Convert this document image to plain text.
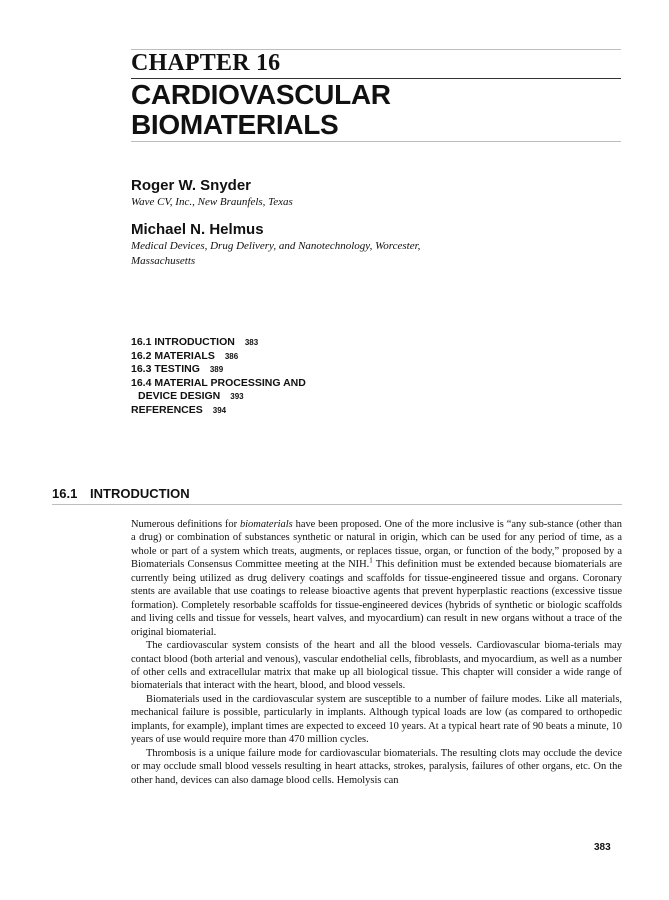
CHAPTER 16
CARDIOVASCULAR
BIOMATERIALS
Roger W. Snyder
Wave CV, Inc., New Braunfels, Texas
Michael N. Helmus
Medical Devices, Drug Delivery, and Nanotechnology, Worcester,
Massachusetts
16.1 INTRODUCTION 383
16.2 MATERIALS 386
16.3 TESTING 389
16.4 MATERIAL PROCESSING AND
DEVICE DESIGN 393
REFERENCES 394
16.1 INTRODUCTION

Numerous definitions for biomaterials have been proposed. One of the more inclusive is “any sub-stance (other than a drug) or combination of substances synthetic or natural in origin, which can be used for any period of time, as a whole or part of a system which treats, augments, or replaces tissue, organ, or function of the body,” proposed by a Biomaterials Consensus Committee meeting at the NIH.$^1$ This definition must be extended because biomaterials are currently being utilized as drug delivery coatings and scaffolds for tissue-engineered tissue and organs. Coronary stents are available that use coatings to release bioactive agents that prevent hyperplastic reactions (excessive tissue formation). Completely resorbable scaffolds for tissue-engineered devices (hybrids of synthetic or biologic scaffolds and living cells and tissue for vessels, heart valves, and myocardium) can result in new organs without a trace of the original biomaterial.

The cardiovascular system consists of the heart and all the blood vessels. Cardiovascular bioma-terials may contact blood (both arterial and venous), vascular endothelial cells, fibroblasts, and myocardium, as well as a number of other cells and extracellular matrix that make up all biological tissue. This chapter will consider a wide range of biomaterials that interact with the heart, blood, and blood vessels.

Biomaterials used in the cardiovascular system are susceptible to a number of failure modes. Like all materials, mechanical failure is possible, particularly in implants. Although typical loads are low (as compared to orthopedic implants, for example), implant times are expected to exceed 10 years. At a typical heart rate of 90 beats a minute, 10 years of use would require more than 470 million cycles.

Thrombosis is a unique failure mode for cardiovascular biomaterials. The resulting clots may occlude the device or may occlude small blood vessels resulting in heart attacks, strokes, paralysis, failures of other organs, etc. On the other hand, devices can also damage blood cells. Hemolysis can

383
